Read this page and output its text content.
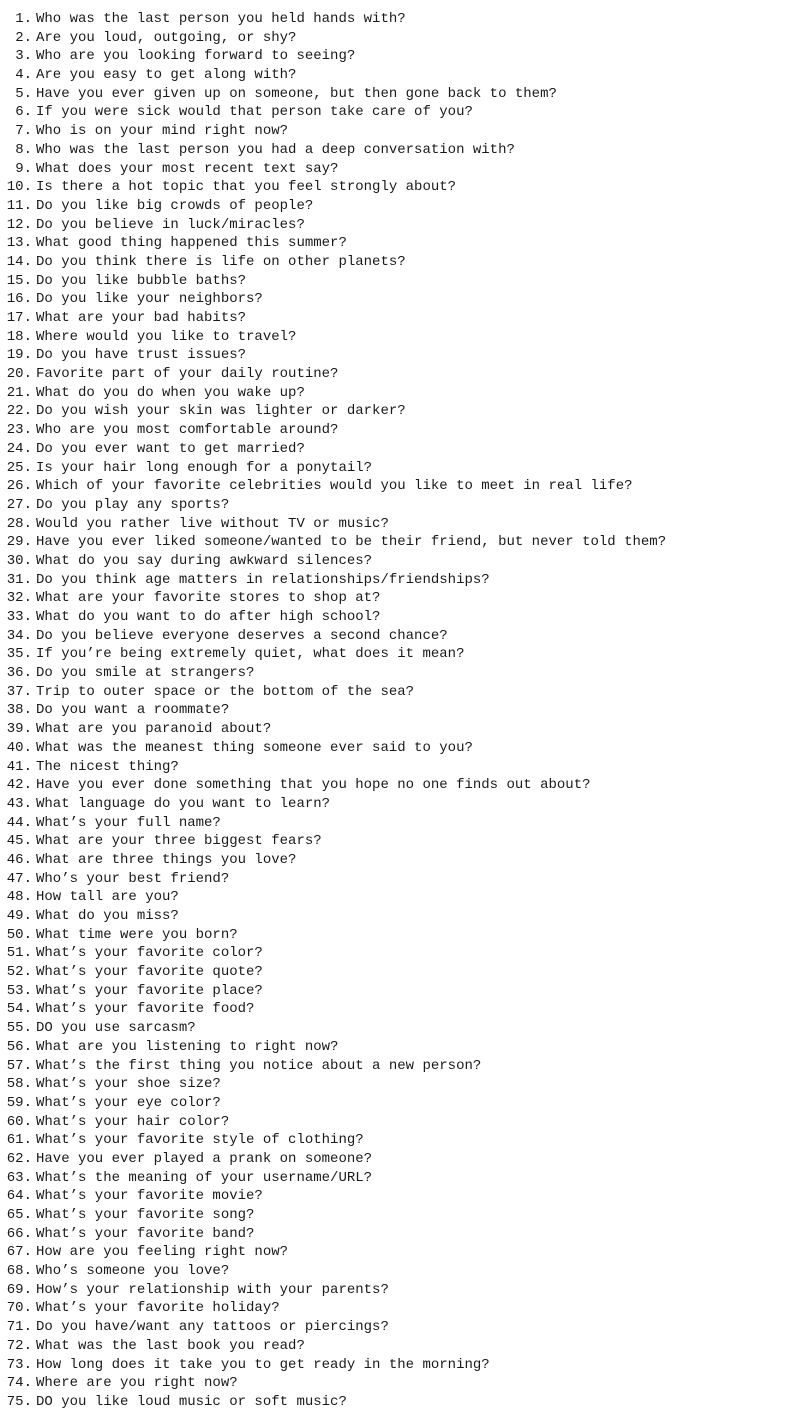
1. Who was the last person you held hands with?
2. Are you loud, outgoing, or shy?
3. Who are you looking forward to seeing?
4. Are you easy to get along with?
5. Have you ever given up on someone, but then gone back to them?
6. If you were sick would that person take care of you?
7. Who is on your mind right now?
8. Who was the last person you had a deep conversation with?
9. What does your most recent text say?
10. Is there a hot topic that you feel strongly about?
11. Do you like big crowds of people?
12. Do you believe in luck/miracles?
13. What good thing happened this summer?
14. Do you think there is life on other planets?
15. Do you like bubble baths?
16. Do you like your neighbors?
17. What are your bad habits?
18. Where would you like to travel?
19. Do you have trust issues?
20. Favorite part of your daily routine?
21. What do you do when you wake up?
22. Do you wish your skin was lighter or darker?
23. Who are you most comfortable around?
24. Do you ever want to get married?
25. Is your hair long enough for a ponytail?
26. Which of your favorite celebrities would you like to meet in real life?
27. Do you play any sports?
28. Would you rather live without TV or music?
29. Have you ever liked someone/wanted to be their friend, but never told them?
30. What do you say during awkward silences?
31. Do you think age matters in relationships/friendships?
32. What are your favorite stores to shop at?
33. What do you want to do after high school?
34. Do you believe everyone deserves a second chance?
35. If you’re being extremely quiet, what does it mean?
36. Do you smile at strangers?
37. Trip to outer space or the bottom of the sea?
38. Do you want a roommate?
39. What are you paranoid about?
40. What was the meanest thing someone ever said to you?
41. The nicest thing?
42. Have you ever done something that you hope no one finds out about?
43. What language do you want to learn?
44. What’s your full name?
45. What are your three biggest fears?
46. What are three things you love?
47. Who’s your best friend?
48. How tall are you?
49. What do you miss?
50. What time were you born?
51. What’s your favorite color?
52. What’s your favorite quote?
53. What’s your favorite place?
54. What’s your favorite food?
55. DO you use sarcasm?
56. What are you listening to right now?
57. What’s the first thing you notice about a new person?
58. What’s your shoe size?
59. What’s your eye color?
60. What’s your hair color?
61. What’s your favorite style of clothing?
62. Have you ever played a prank on someone?
63. What’s the meaning of your username/URL?
64. What’s your favorite movie?
65. What’s your favorite song?
66. What’s your favorite band?
67. How are you feeling right now?
68. Who’s someone you love?
69. How’s your relationship with your parents?
70. What’s your favorite holiday?
71. Do you have/want any tattoos or piercings?
72. What was the last book you read?
73. How long does it take you to get ready in the morning?
74. Where are you right now?
75. DO you like loud music or soft music?
